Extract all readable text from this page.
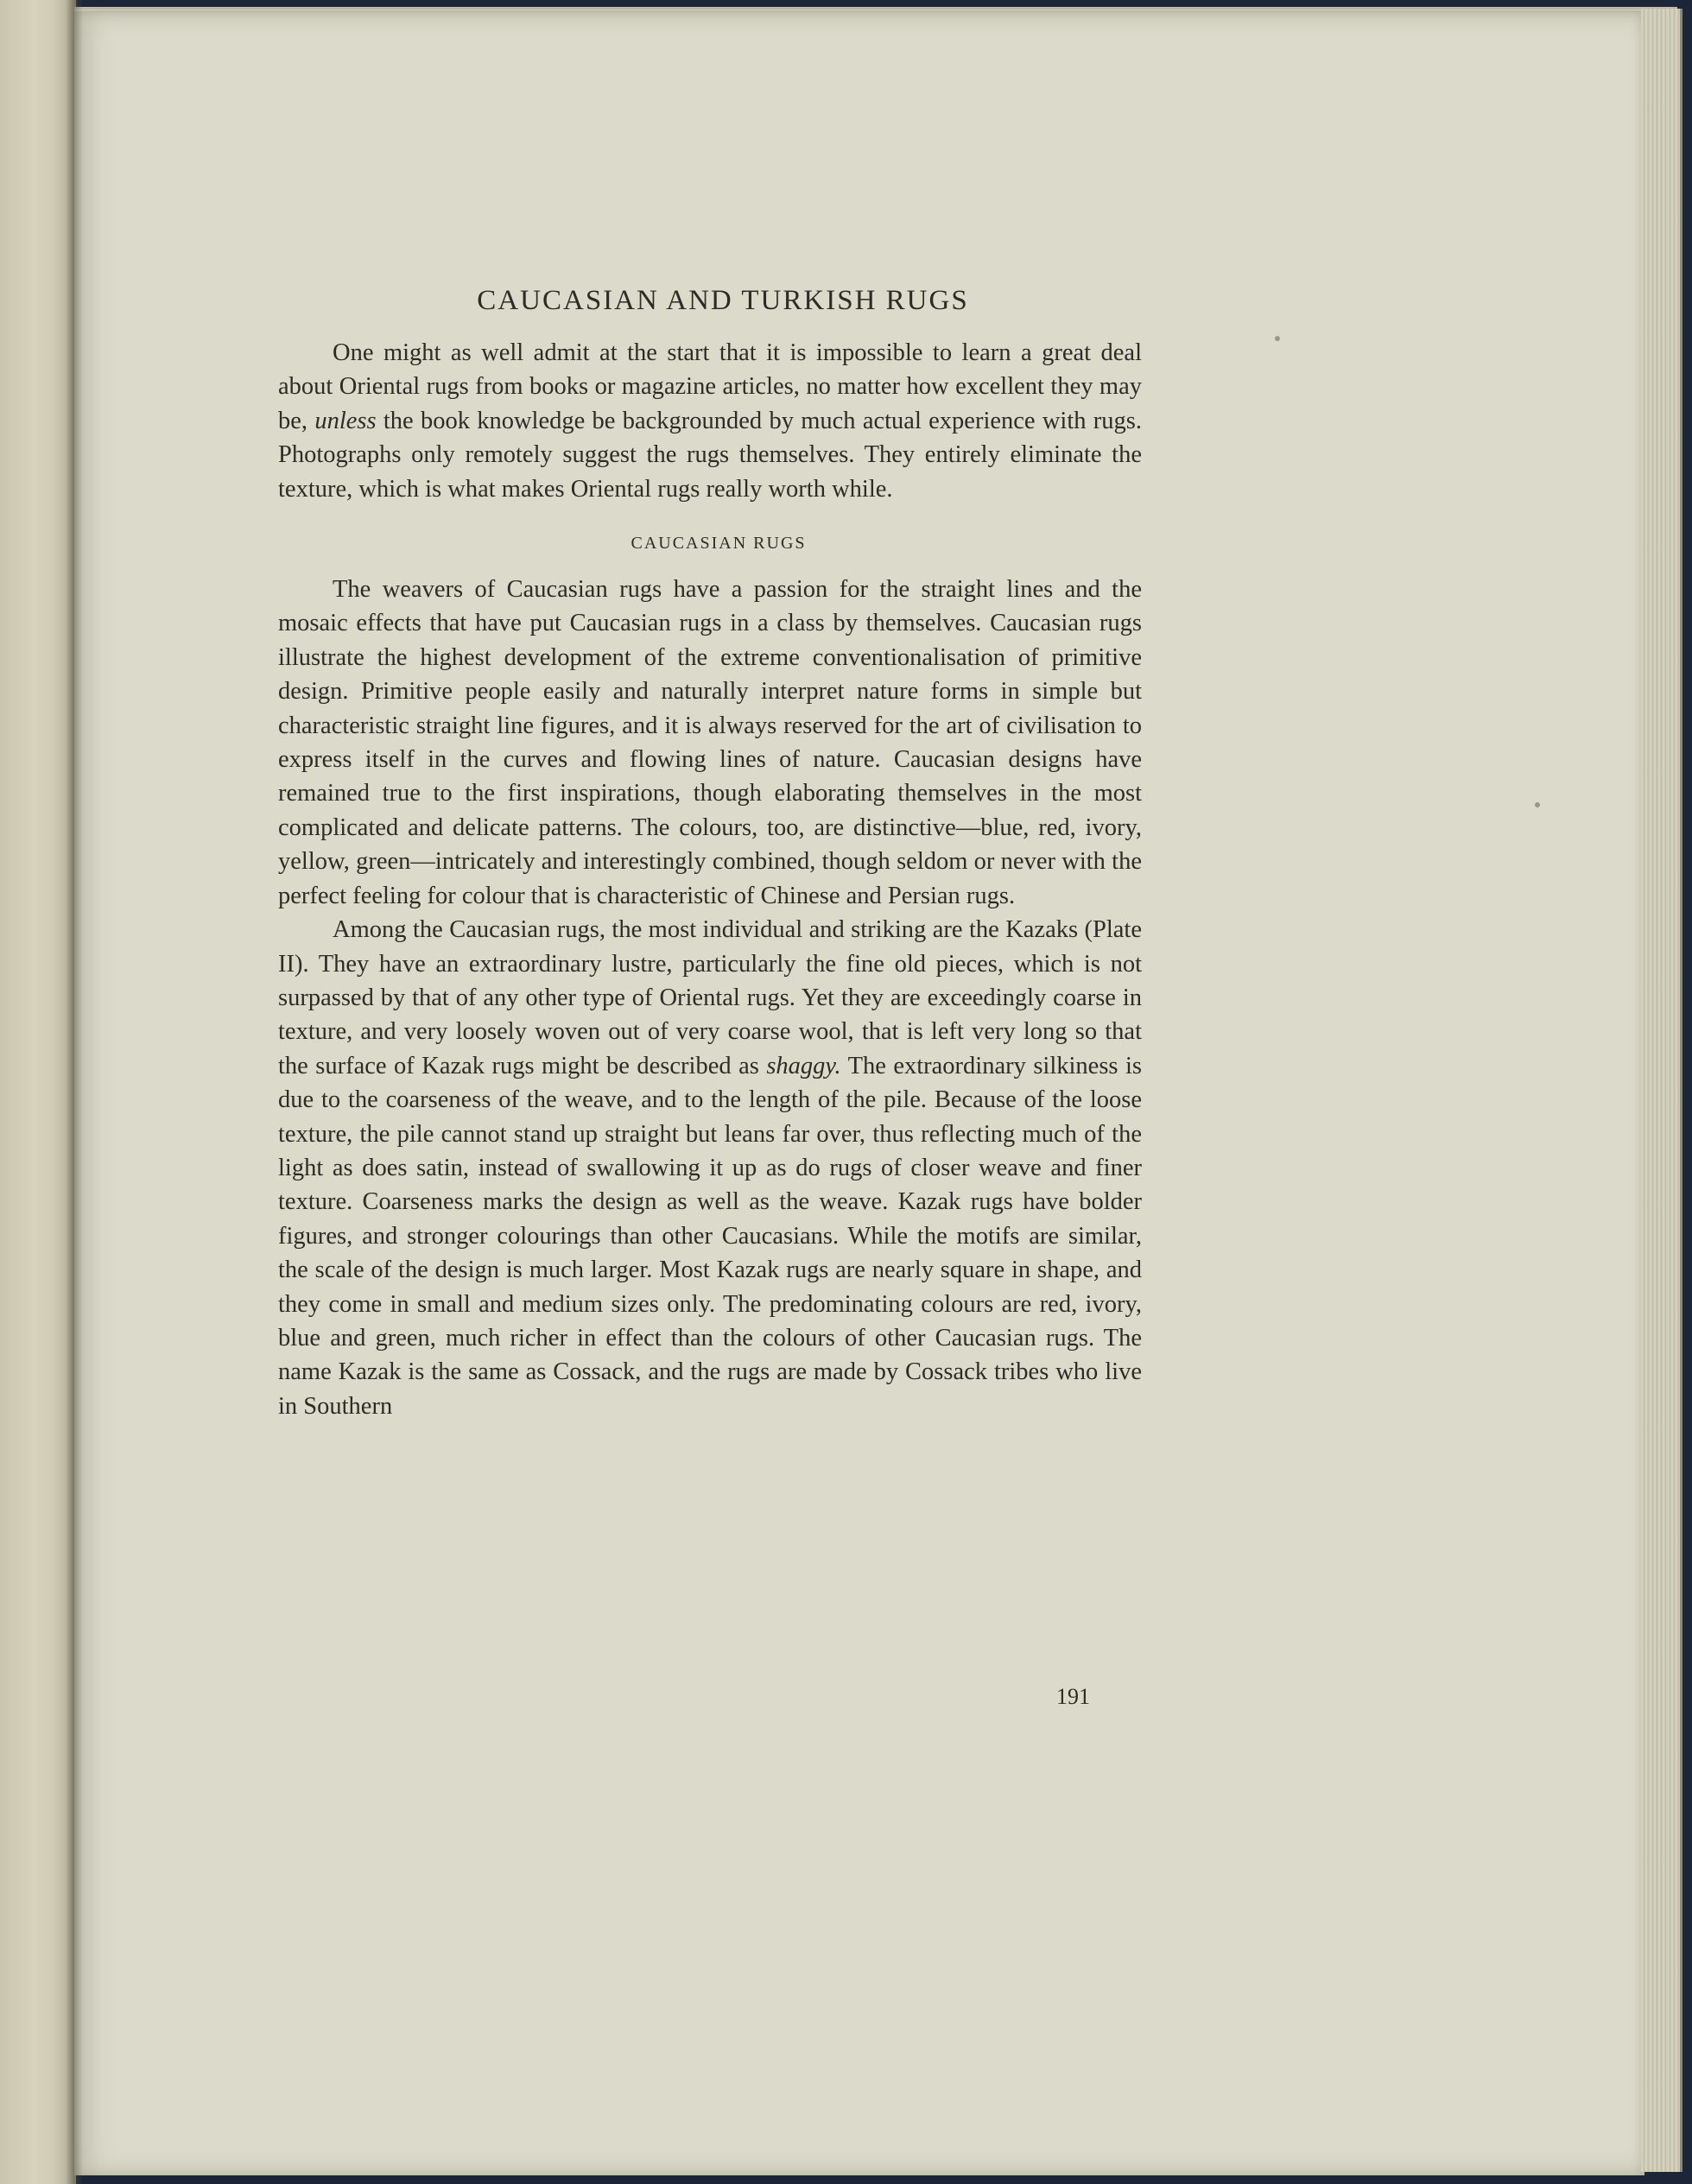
CAUCASIAN AND TURKISH RUGS

One might as well admit at the start that it is impossible to learn a great deal about Oriental rugs from books or magazine articles, no matter how excellent they may be, unless the book knowledge be backgrounded by much actual experience with rugs. Photographs only remotely suggest the rugs themselves. They entirely eliminate the texture, which is what makes Oriental rugs really worth while.

CAUCASIAN RUGS

The weavers of Caucasian rugs have a passion for the straight lines and the mosaic effects that have put Caucasian rugs in a class by themselves. Caucasian rugs illustrate the highest development of the extreme conventionalisation of primitive design. Primitive people easily and naturally interpret nature forms in simple but characteristic straight line figures, and it is always reserved for the art of civilisation to express itself in the curves and flowing lines of nature. Caucasian designs have remained true to the first inspirations, though elaborating themselves in the most complicated and delicate patterns. The colours, too, are distinctive—blue, red, ivory, yellow, green—intricately and interestingly combined, though seldom or never with the perfect feeling for colour that is characteristic of Chinese and Persian rugs.

Among the Caucasian rugs, the most individual and striking are the Kazaks (Plate II). They have an extraordinary lustre, particularly the fine old pieces, which is not surpassed by that of any other type of Oriental rugs. Yet they are exceedingly coarse in texture, and very loosely woven out of very coarse wool, that is left very long so that the surface of Kazak rugs might be described as shaggy. The extraordinary silkiness is due to the coarseness of the weave, and to the length of the pile. Because of the loose texture, the pile cannot stand up straight but leans far over, thus reflecting much of the light as does satin, instead of swallowing it up as do rugs of closer weave and finer texture. Coarseness marks the design as well as the weave. Kazak rugs have bolder figures, and stronger colourings than other Caucasians. While the motifs are similar, the scale of the design is much larger. Most Kazak rugs are nearly square in shape, and they come in small and medium sizes only. The predominating colours are red, ivory, blue and green, much richer in effect than the colours of other Caucasian rugs. The name Kazak is the same as Cossack, and the rugs are made by Cossack tribes who live in Southern

191
